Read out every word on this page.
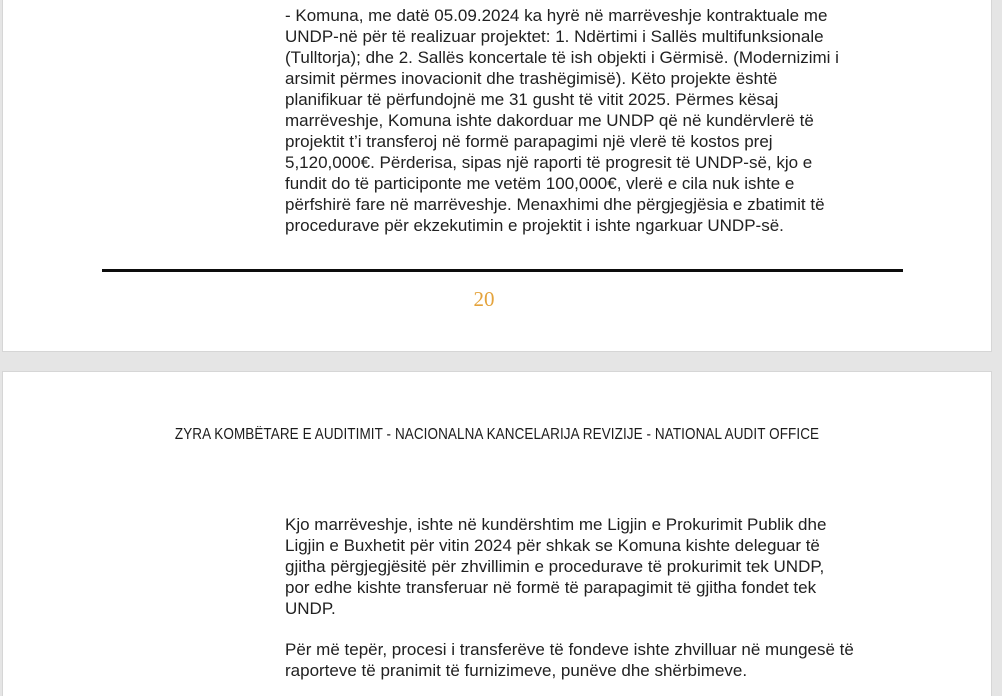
- Komuna, me datë 05.09.2024 ka hyrë në marrëveshje kontraktuale me
UNDP-në për të realizuar projektet: 1. Ndërtimi i Sallës multifunksionale
(Tulltorja); dhe 2. Sallës koncertale të ish objekti i Gërmisë. (Modernizimi i
arsimit përmes inovacionit dhe trashëgimisë). Këto projekte është
planifikuar të përfundojnë me 31 gusht të vitit 2025. Përmes kësaj
marrëveshje, Komuna ishte dakorduar me UNDP që në kundërvlerë të
projektit t’i transferoj në formë parapagimi një vlerë të kostos prej
5,120,000€. Përderisa, sipas një raporti të progresit të UNDP-së, kjo e
fundit do të participonte me vetëm 100,000€, vlerë e cila nuk ishte e
përfshirë fare në marrëveshje. Menaxhimi dhe përgjegjësia e zbatimit të
procedurave për ekzekutimin e projektit i ishte ngarkuar UNDP-së.
20
ZYRA KOMBËTARE E AUDITIMIT - NACIONALNA KANCELARIJA REVIZIJE - NATIONAL AUDIT OFFICE
Kjo marrëveshje, ishte në kundërshtim me Ligjin e Prokurimit Publik dhe
Ligjin e Buxhetit për vitin 2024 për shkak se Komuna kishte deleguar të
gjitha përgjegjësitë për zhvillimin e procedurave të prokurimit tek UNDP,
por edhe kishte transferuar në formë të parapagimit të gjitha fondet tek
UNDP.
Për më tepër, procesi i transferëve të fondeve ishte zhvilluar në mungesë të
raporteve të pranimit të furnizimeve, punëve dhe shërbimeve.
